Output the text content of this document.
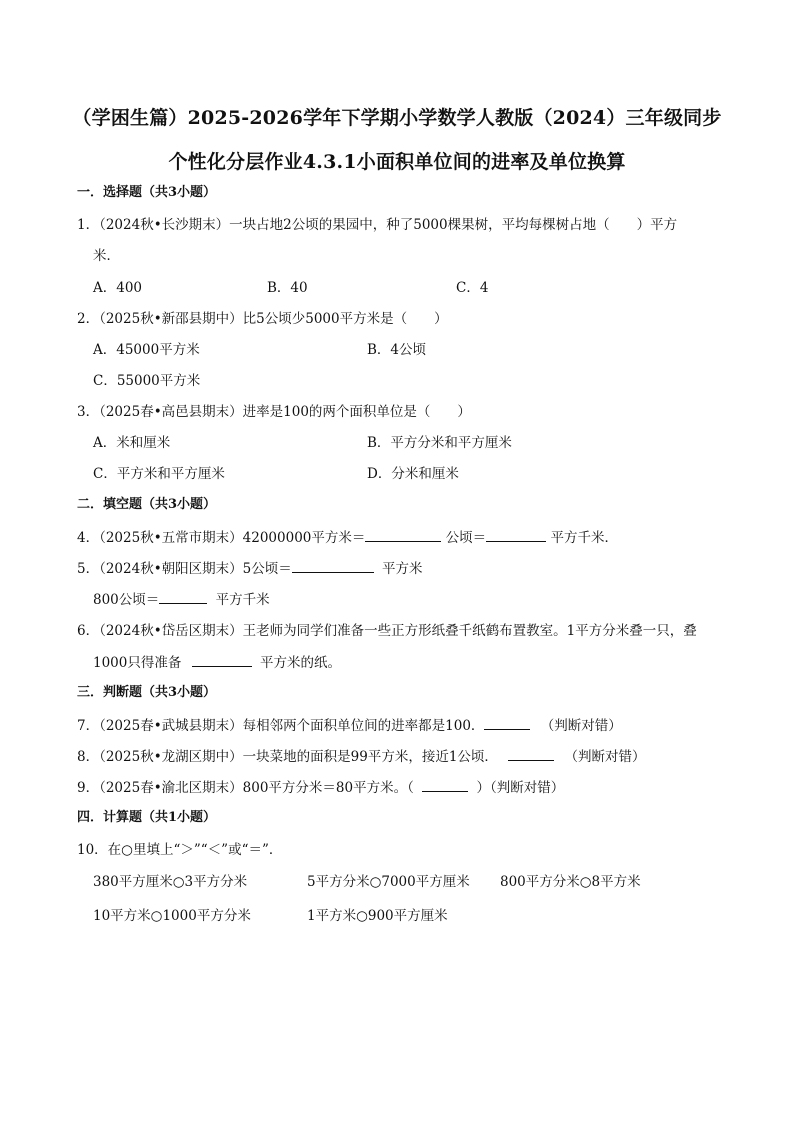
（学困生篇）2025-2026学年下学期小学数学人教版（2024）三年级同步
个性化分层作业4.3.1小面积单位间的进率及单位换算
一．选择题（共3小题）
1．（2024秋•长沙期末）一块占地2公顷的果园中，种了5000棵果树，平均每棵树占地（　　）平方
米．
A．400	B．40	C．4
2．（2025秋•新邵县期中）比5公顷少5000平方米是（　　）
A．45000平方米	B．4公顷
C．55000平方米
3．（2025春•高邑县期末）进率是100的两个面积单位是（　　）
A．米和厘米	B．平方分米和平方厘米
C．平方米和平方厘米	D．分米和厘米
二．填空题（共3小题）
4．（2025秋•五常市期末）42000000平方米＝	公顷＝	平方千米．
5．（2024秋•朝阳区期末）5公顷＝	平方米
800公顷＝	平方千米
6．（2024秋•岱岳区期末）王老师为同学们准备一些正方形纸叠千纸鹤布置教室。1平方分米叠一只，叠
1000只得准备	平方米的纸。
三．判断题（共3小题）
7．（2025春•武城县期末）每相邻两个面积单位间的进率都是100．	（判断对错）
8．（2025秋•龙湖区期中）一块菜地的面积是99平方米，接近1公顷．	（判断对错）
9．（2025春•渝北区期末）800平方分米＝80平方米。（	）（判断对错）
四．计算题（共1小题）
10．在○里填上“＞”“＜”或“＝”．
380平方厘米○3平方分米	5平方分米○7000平方厘米 800平方分米○8平方米
10平方米○1000平方分米	1平方米○900平方厘米
